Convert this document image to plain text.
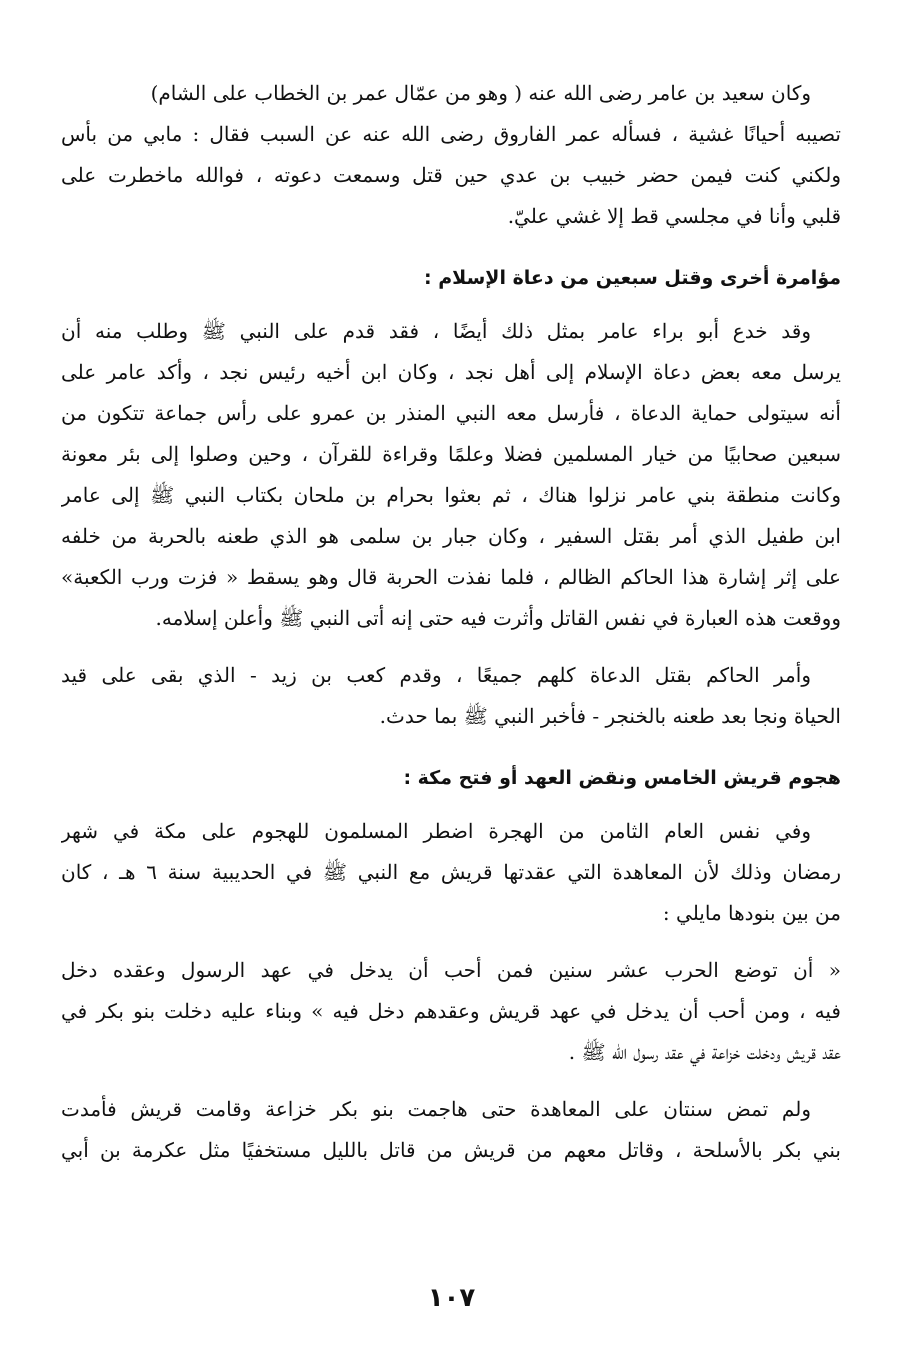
وكان سعيد بن عامر رضى الله عنه ( وهو من عمّال عمر بن الخطاب على الشام)
تصيبه أحيانًا غشية ، فسأله عمر الفاروق رضى الله عنه عن السبب فقال : مابي من بأس
ولكني كنت فيمن حضر خبيب بن عدي حين قتل وسمعت دعوته ، فوالله ماخطرت على
قلبي وأنا في مجلسي قط إلا غشي عليّ.
مؤامرة أخرى وقتل سبعين من دعاة الإسلام :
وقد خدع أبو براء عامر بمثل ذلك أيضًا ، فقد قدم على النبي ﷺ وطلب منه أن
يرسل معه بعض دعاة الإسلام إلى أهل نجد ، وكان ابن أخيه رئيس نجد ، وأكد عامر على
أنه سيتولى حماية الدعاة ، فأرسل معه النبي المنذر بن عمرو على رأس جماعة تتكون من
سبعين صحابيًا من خيار المسلمين فضلا وعلمًا وقراءة للقرآن ، وحين وصلوا إلى بئر معونة
وكانت منطقة بني عامر نزلوا هناك ، ثم بعثوا بحرام بن ملحان بكتاب النبي ﷺ إلى عامر
ابن طفيل الذي أمر بقتل السفير ، وكان جبار بن سلمى هو الذي طعنه بالحربة من خلفه
على إثر إشارة هذا الحاكم الظالم ، فلما نفذت الحربة قال وهو يسقط « فزت ورب الكعبة»
ووقعت هذه العبارة في نفس القاتل وأثرت فيه حتى إنه أتى النبي ﷺ وأعلن إسلامه.
وأمر الحاكم بقتل الدعاة كلهم جميعًا ، وقدم كعب بن زيد - الذي بقى على قيد
الحياة ونجا بعد طعنه بالخنجر - فأخبر النبي ﷺ بما حدث.
هجوم قريش الخامس ونقض العهد أو فتح مكة :
وفي نفس العام الثامن من الهجرة اضطر المسلمون للهجوم على مكة في شهر
رمضان وذلك لأن المعاهدة التي عقدتها قريش مع النبي ﷺ في الحديبية سنة ٦ هـ ، كان
من بين بنودها مايلي :
« أن توضع الحرب عشر سنين فمن أحب أن يدخل في عهد الرسول وعقده دخل
فيه ، ومن أحب أن يدخل في عهد قريش وعقدهم دخل فيه » وبناء عليه دخلت بنو بكر في
عقد قريش ودخلت خزاعة في عقد رسول الله ﷺ .
ولم تمض سنتان على المعاهدة حتى هاجمت بنو بكر خزاعة وقامت قريش فأمدت
بني بكر بالأسلحة ، وقاتل معهم من قريش من قاتل بالليل مستخفيًا مثل عكرمة بن أبي
١٠٧
